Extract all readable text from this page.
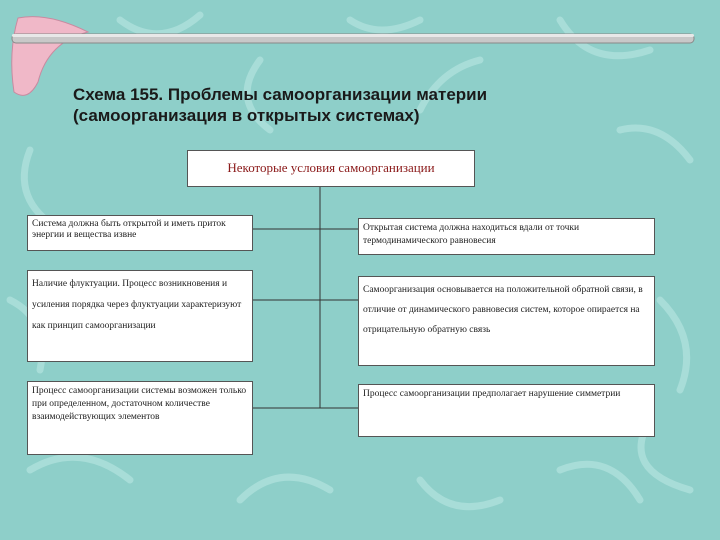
Схема 155. Проблемы самоорганизации материи
(самоорганизация в открытых системах)
Некоторые условия самоорганизации
Система должна быть открытой и иметь приток энергии и вещества извне
Наличие флуктуации. Процесс возникновения и усиления порядка через флуктуации характеризуют как принцип самоорганизации
Процесс самоорганизации системы возможен только при определенном, достаточном количестве взаимодействующих элементов
Открытая система должна находиться вдали от точки термодинамического равновесия
Самоорганизация основывается на положительной обратной связи, в отличие от динамического равновесия систем, которое опирается на отрицательную обратную связь
Процесс самоорганизации предполагает нарушение симметрии
